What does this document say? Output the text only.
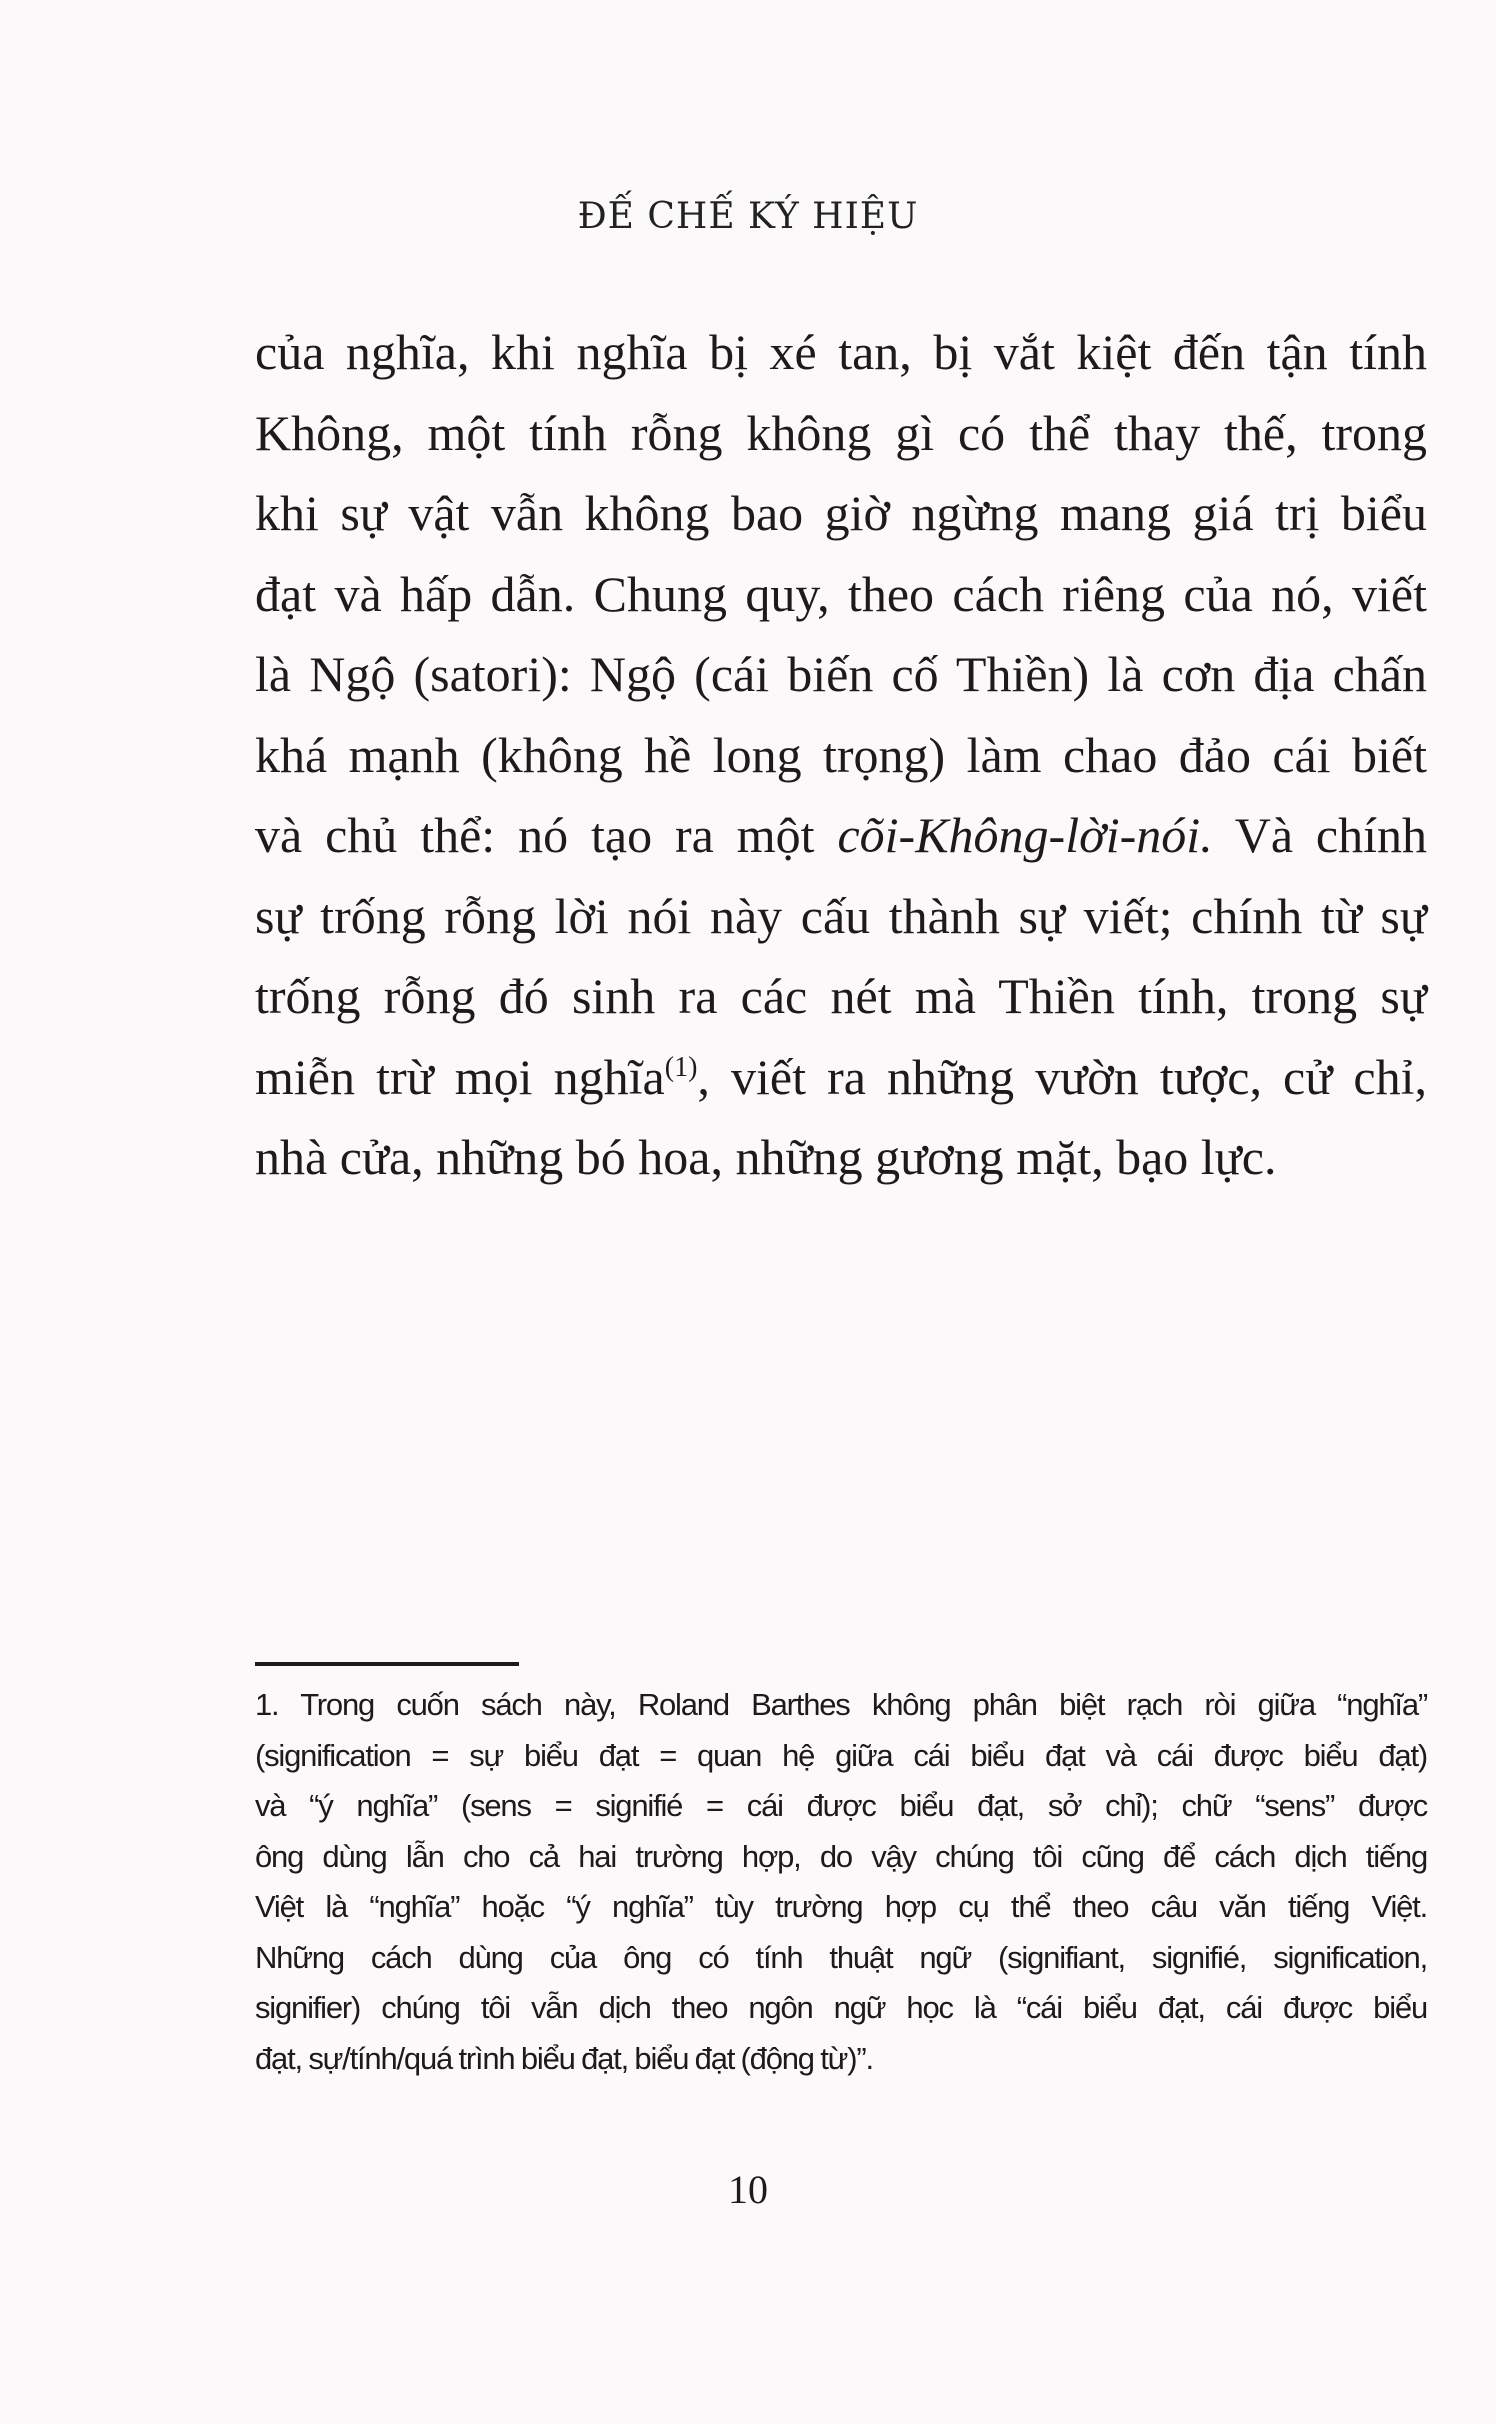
ĐẾ CHẾ KÝ HIỆU
của nghĩa, khi nghĩa bị xé tan, bị vắt kiệt đến tận tính
Không, một tính rỗng không gì có thể thay thế, trong
khi sự vật vẫn không bao giờ ngừng mang giá trị biểu
đạt và hấp dẫn. Chung quy, theo cách riêng của nó, viết
là Ngộ (satori): Ngộ (cái biến cố Thiền) là cơn địa chấn
khá mạnh (không hề long trọng) làm chao đảo cái biết
và chủ thể: nó tạo ra một cõi-Không-lời-nói. Và chính
sự trống rỗng lời nói này cấu thành sự viết; chính từ sự
trống rỗng đó sinh ra các nét mà Thiền tính, trong sự
miễn trừ mọi nghĩa$^{(1)}$, viết ra những vườn tược, cử chỉ,
nhà cửa, những bó hoa, những gương mặt, bạo lực.
1. Trong cuốn sách này, Roland Barthes không phân biệt rạch ròi giữa “nghĩa”
(signification = sự biểu đạt = quan hệ giữa cái biểu đạt và cái được biểu đạt)
và “ý nghĩa” (sens = signifié = cái được biểu đạt, sở chỉ); chữ “sens” được
ông dùng lẫn cho cả hai trường hợp, do vậy chúng tôi cũng để cách dịch tiếng
Việt là “nghĩa” hoặc “ý nghĩa” tùy trường hợp cụ thể theo câu văn tiếng Việt.
Những cách dùng của ông có tính thuật ngữ (signifiant, signifié, signification,
signifier) chúng tôi vẫn dịch theo ngôn ngữ học là “cái biểu đạt, cái được biểu
đạt, sự/tính/quá trình biểu đạt, biểu đạt (động từ)”.
10
